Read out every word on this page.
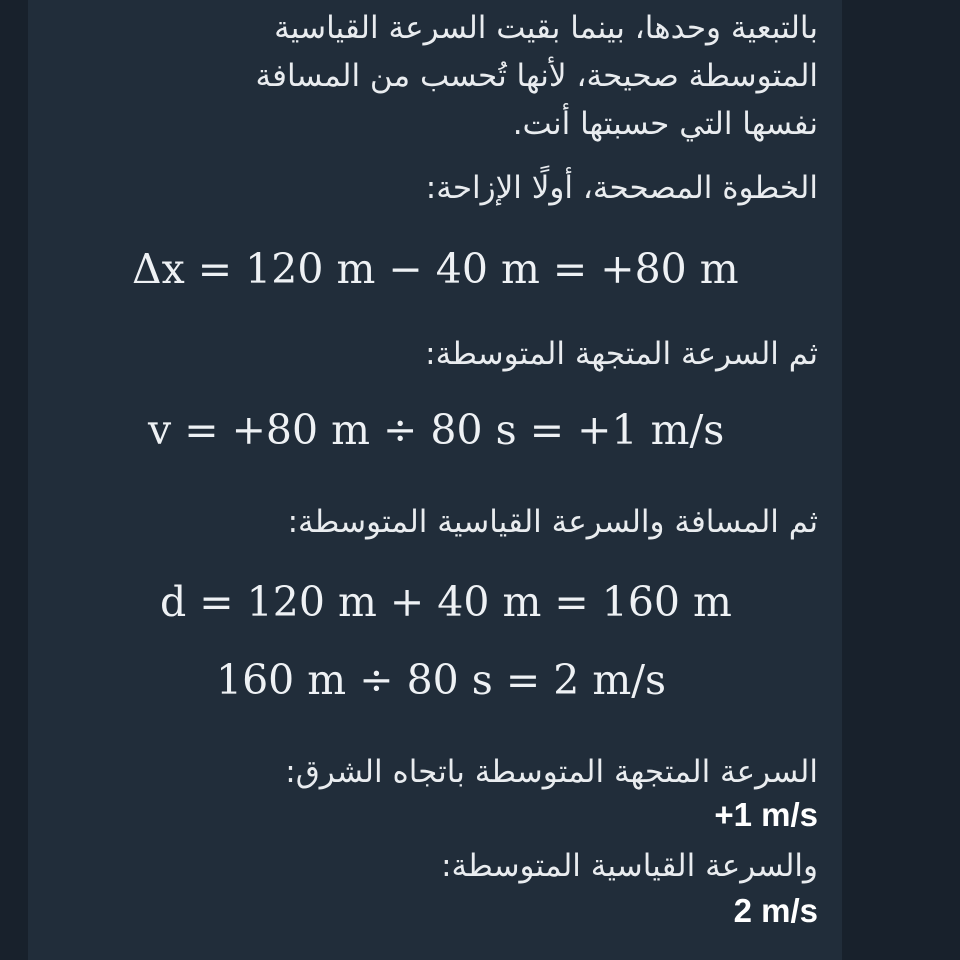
بالتبعية وحدها، بينما بقيت السرعة القياسية
المتوسطة صحيحة، لأنها تُحسب من المسافة
نفسها التي حسبتها أنت.
الخطوة المصححة، أولًا الإزاحة:
Δx = 120 m − 40 m = +80 m
ثم السرعة المتجهة المتوسطة:
v = +80 m ÷ 80 s = +1 m/s
ثم المسافة والسرعة القياسية المتوسطة:
d = 120 m + 40 m = 160 m
160 m ÷ 80 s = 2 m/s
السرعة المتجهة المتوسطة باتجاه الشرق:
+1 m/s
والسرعة القياسية المتوسطة:
2 m/s
